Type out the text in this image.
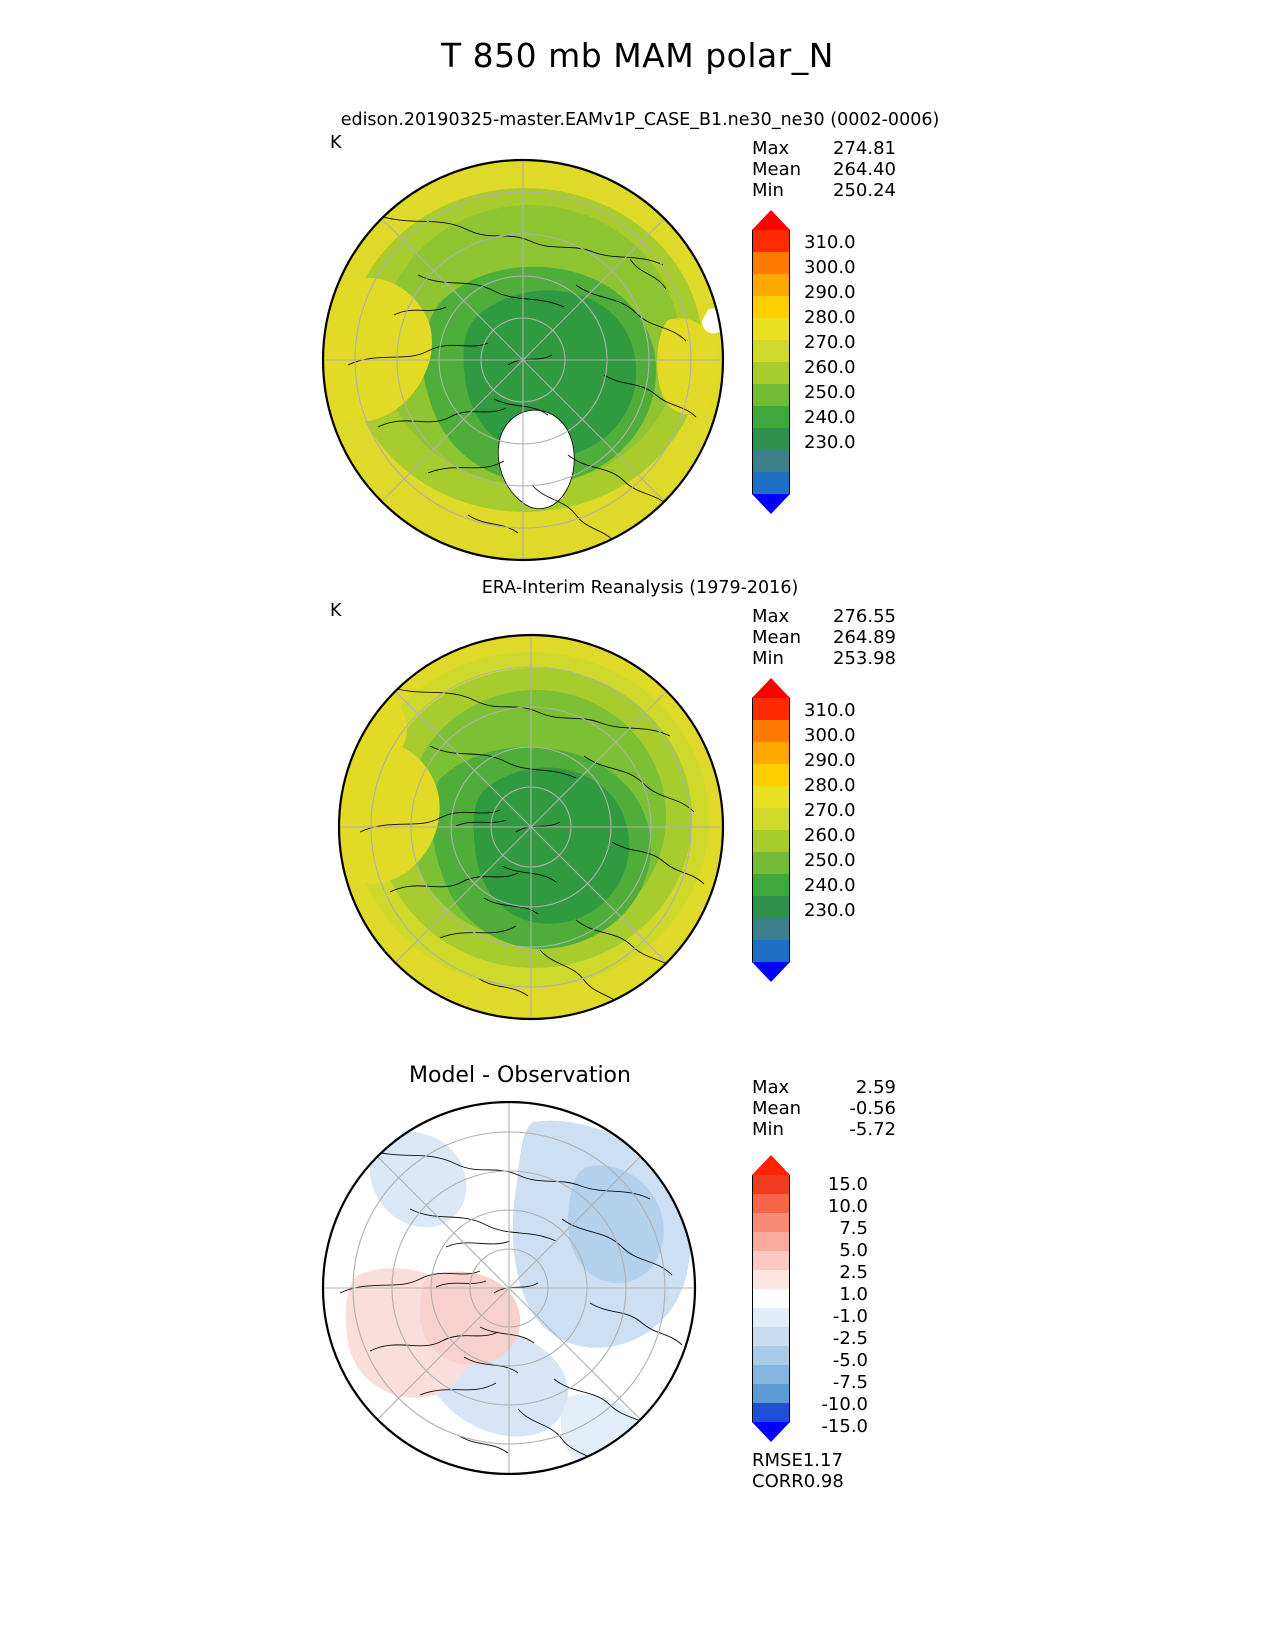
T 850 mb MAM polar_N
edison.20190325-master.EAMv1P_CASE_B1.ne30_ne30 (0002-0006)
K	Max	274.81
Mean	264.40
Min	250.24
310.0
300.0
290.0
280.0
270.0
260.0
250.0
240.0
230.0
ERA-Interim Reanalysis (1979-2016)
K	Max	276.55
Mean	264.89
Min	253.98
310.0
300.0
290.0
280.0
270.0
260.0
250.0
240.0
230.0
Model - Observation	Max	2.59
Mean	-0.56
Min	-5.72
15.0
10.0
7.5
5.0
2.5
1.0
-1.0
-2.5
-5.0
-7.5
-10.0
-15.0
RMSE1.17
CORR0.98
